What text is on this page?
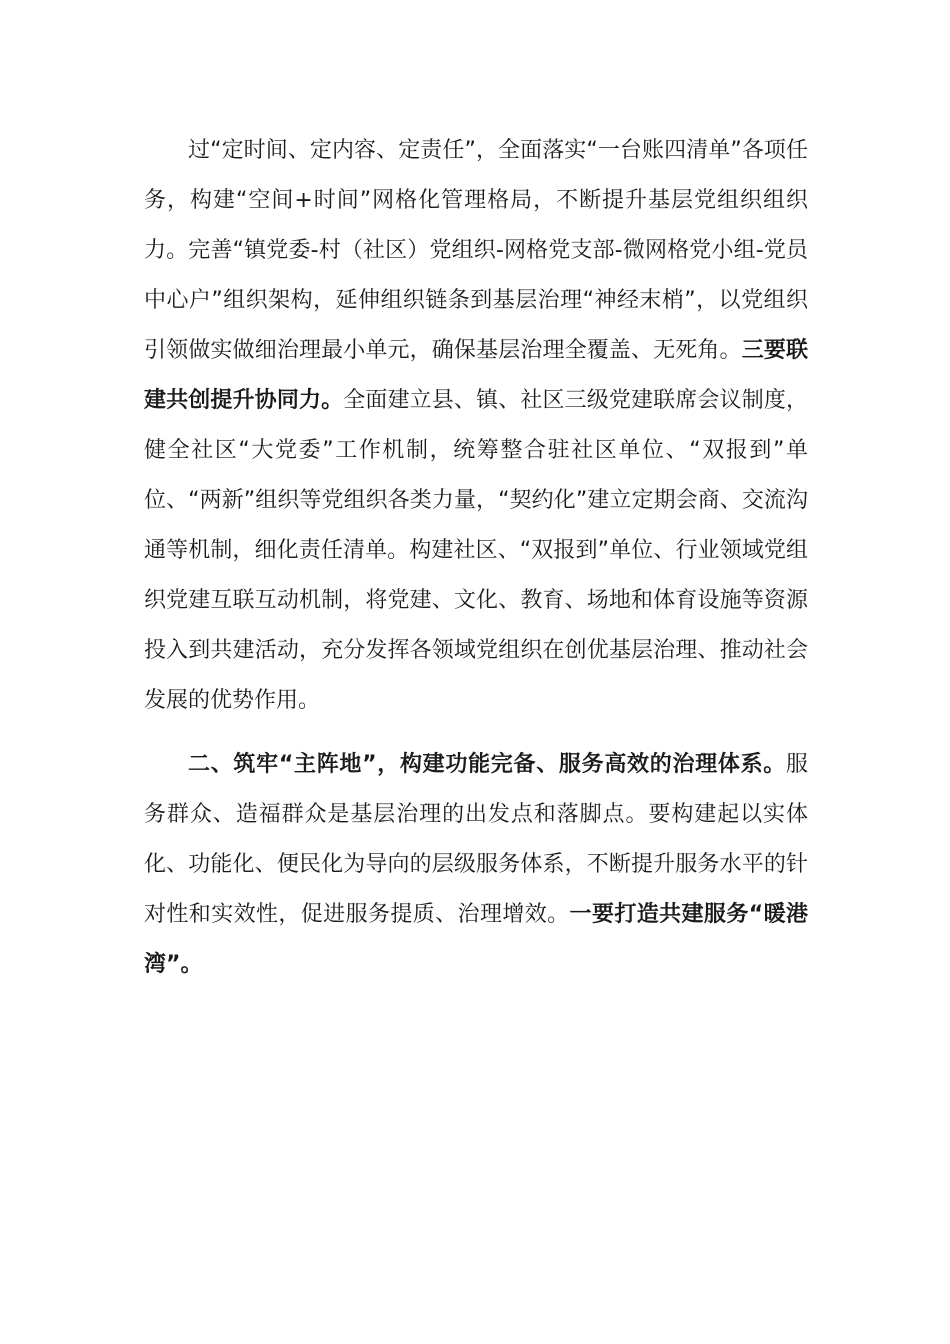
过“定时间、定内容、定责任”，全面落实“一台账四清单”各项任务，构建“空间+时间”网格化管理格局，不断提升基层党组织组织力。完善“镇党委-村（社区）党组织-网格党支部-微网格党小组-党员中心户”组织架构，延伸组织链条到基层治理“神经末梢”，以党组织引领做实做细治理最小单元，确保基层治理全覆盖、无死角。三要联建共创提升协同力。全面建立县、镇、社区三级党建联席会议制度，健全社区“大党委”工作机制，统筹整合驻社区单位、“双报到”单位、“两新”组织等党组织各类力量，“契约化”建立定期会商、交流沟通等机制，细化责任清单。构建社区、“双报到”单位、行业领域党组织党建互联互动机制，将党建、文化、教育、场地和体育设施等资源投入到共建活动，充分发挥各领域党组织在创优基层治理、推动社会发展的优势作用。

二、筑牢“主阵地”，构建功能完备、服务高效的治理体系。服务群众、造福群众是基层治理的出发点和落脚点。要构建起以实体化、功能化、便民化为导向的层级服务体系，不断提升服务水平的针对性和实效性，促进服务提质、治理增效。一要打造共建服务“暖港湾”。
